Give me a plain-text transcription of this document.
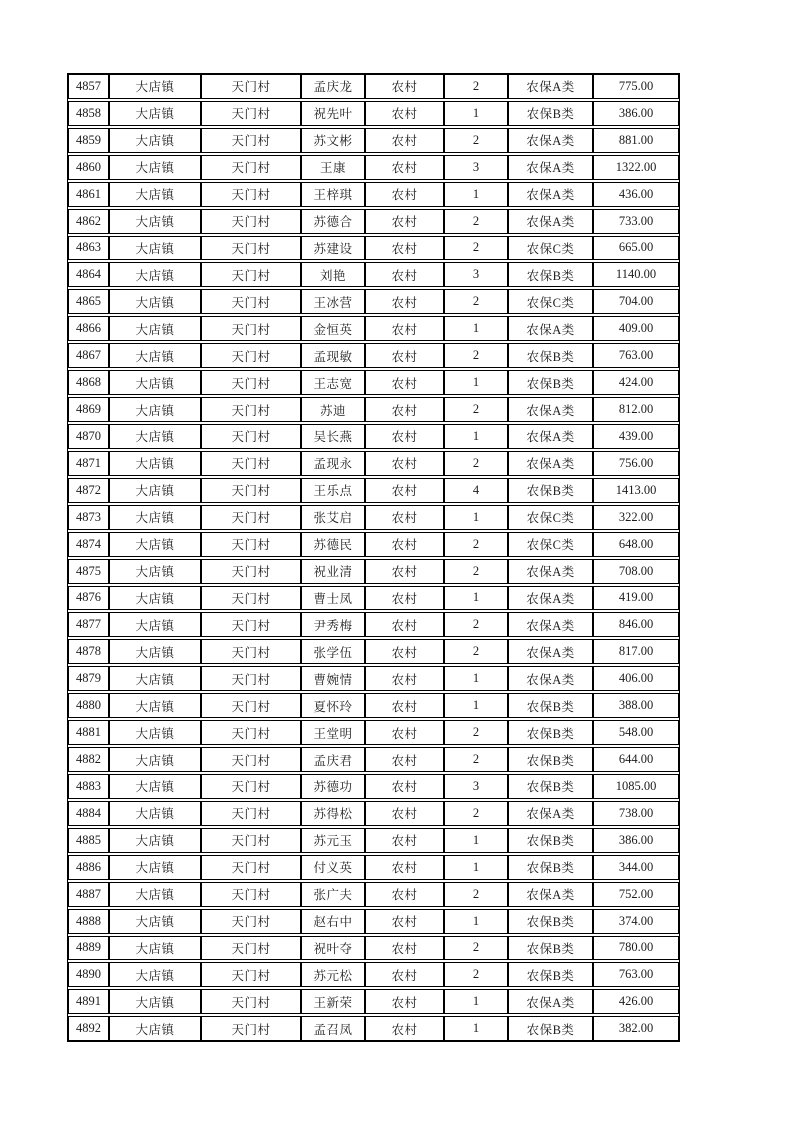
4857	大店镇	天门村	孟庆龙	农村	2	农保A类	775.00
4858	大店镇	天门村	祝先叶	农村	1	农保B类	386.00
4859	大店镇	天门村	苏文彬	农村	2	农保A类	881.00
4860	大店镇	天门村	王康	农村	3	农保A类	1322.00
4861	大店镇	天门村	王梓琪	农村	1	农保A类	436.00
4862	大店镇	天门村	苏德合	农村	2	农保A类	733.00
4863	大店镇	天门村	苏建设	农村	2	农保C类	665.00
4864	大店镇	天门村	刘艳	农村	3	农保B类	1140.00
4865	大店镇	天门村	王冰营	农村	2	农保C类	704.00
4866	大店镇	天门村	金恒英	农村	1	农保A类	409.00
4867	大店镇	天门村	孟现敏	农村	2	农保B类	763.00
4868	大店镇	天门村	王志宽	农村	1	农保B类	424.00
4869	大店镇	天门村	苏迪	农村	2	农保A类	812.00
4870	大店镇	天门村	吴长燕	农村	1	农保A类	439.00
4871	大店镇	天门村	孟现永	农村	2	农保A类	756.00
4872	大店镇	天门村	王乐点	农村	4	农保B类	1413.00
4873	大店镇	天门村	张艾启	农村	1	农保C类	322.00
4874	大店镇	天门村	苏德民	农村	2	农保C类	648.00
4875	大店镇	天门村	祝业清	农村	2	农保A类	708.00
4876	大店镇	天门村	曹士凤	农村	1	农保A类	419.00
4877	大店镇	天门村	尹秀梅	农村	2	农保A类	846.00
4878	大店镇	天门村	张学伍	农村	2	农保A类	817.00
4879	大店镇	天门村	曹婉情	农村	1	农保A类	406.00
4880	大店镇	天门村	夏怀玲	农村	1	农保B类	388.00
4881	大店镇	天门村	王堂明	农村	2	农保B类	548.00
4882	大店镇	天门村	孟庆君	农村	2	农保B类	644.00
4883	大店镇	天门村	苏德功	农村	3	农保B类	1085.00
4884	大店镇	天门村	苏得松	农村	2	农保A类	738.00
4885	大店镇	天门村	苏元玉	农村	1	农保B类	386.00
4886	大店镇	天门村	付义英	农村	1	农保B类	344.00
4887	大店镇	天门村	张广夫	农村	2	农保A类	752.00
4888	大店镇	天门村	赵右中	农村	1	农保B类	374.00
4889	大店镇	天门村	祝叶夺	农村	2	农保B类	780.00
4890	大店镇	天门村	苏元松	农村	2	农保B类	763.00
4891	大店镇	天门村	王新荣	农村	1	农保A类	426.00
4892	大店镇	天门村	孟召凤	农村	1	农保B类	382.00
